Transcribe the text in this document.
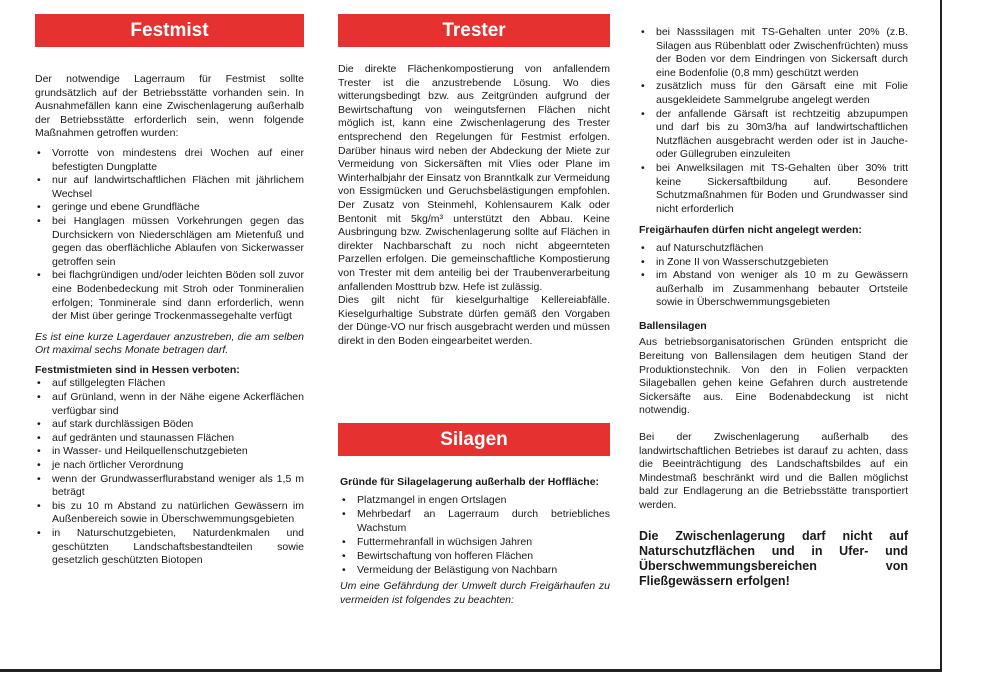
Festmist

Der notwendige Lagerraum für Festmist sollte grundsätzlich auf der Betriebsstätte vorhanden sein. In Ausnahmefällen kann eine Zwischenlagerung außerhalb der Betriebsstätte erforderlich sein, wenn folgende Maßnahmen getroffen wurden:

• Vorrotte von mindestens drei Wochen auf einer befestigten Dungplatte
• nur auf landwirtschaftlichen Flächen mit jährlichem Wechsel
• geringe und ebene Grundfläche
• bei Hanglagen müssen Vorkehrungen gegen das Durchsickern von Niederschlägen am Mietenfuß und gegen das oberflächliche Ablaufen von Sickerwasser getroffen sein
• bei flachgründigen und/oder leichten Böden soll zuvor eine Bodenbedeckung mit Stroh oder Tonmineralien erfolgen; Tonminerale sind dann erforderlich, wenn der Mist über geringe Trockenmassegehalte verfügt

Es ist eine kurze Lagerdauer anzustreben, die am selben Ort maximal sechs Monate betragen darf.

Festmistmieten sind in Hessen verboten:

• auf stillgelegten Flächen
• auf Grünland, wenn in der Nähe eigene Ackerflächen verfügbar sind
• auf stark durchlässigen Böden
• auf gedränten und staunassen Flächen
• in Wasser- und Heilquellenschutzgebieten
• je nach örtlicher Verordnung
• wenn der Grundwasserflurabstand weniger als 1,5 m beträgt
• bis zu 10 m Abstand zu natürlichen Gewässern im Außenbereich sowie in Überschwemmungsgebieten
• in Naturschutzgebieten, Naturdenkmalen und geschützten Landschaftsbestandteilen sowie gesetzlich geschützten Biotopen
Trester

Die direkte Flächenkompostierung von anfallendem Trester ist die anzustrebende Lösung. Wo dies witterungsbedingt bzw. aus Zeitgründen aufgrund der Bewirtschaftung von weingutsfernen Flächen nicht möglich ist, kann eine Zwischenlagerung des Trester entsprechend den Regelungen für Festmist erfolgen. Darüber hinaus wird neben der Abdeckung der Miete zur Vermeidung von Sickersäften mit Vlies oder Plane im Winterhalbjahr der Einsatz von Branntkalk zur Vermeidung von Essigmücken und Geruchsbelästigungen empfohlen. Der Zusatz von Steinmehl, Kohlensaurem Kalk oder Bentonit mit 5kg/m³ unterstützt den Abbau. Keine Ausbringung bzw. Zwischenlagerung sollte auf Flächen in direkter Nachbarschaft zu noch nicht abgeernteten Parzellen erfolgen. Die gemeinschaftliche Kompostierung von Trester mit dem anteilig bei der Traubenverarbeitung anfallenden Mosttrub bzw. Hefe ist zulässig.

Dies gilt nicht für kieselgurhaltige Kellereiabfälle. Kieselgurhaltige Substrate dürfen gemäß den Vorgaben der Dünge-VO nur frisch ausgebracht werden und müssen direkt in den Boden eingearbeitet werden.

Silagen

Gründe für Silagelagerung außerhalb der Hoffläche:

• Platzmangel in engen Ortslagen
• Mehrbedarf an Lagerraum durch betriebliches Wachstum
• Futtermehranfall in wüchsigen Jahren
• Bewirtschaftung von hofferen Flächen
• Vermeidung der Belästigung von Nachbarn

Um eine Gefährdung der Umwelt durch Freigärhaufen zu vermeiden ist folgendes zu beachten:

• bei Nasssilagen mit TS-Gehalten unter 20% (z.B. Silagen aus Rübenblatt oder Zwischenfrüchten) muss der Boden vor dem Eindringen von Sickersaft durch eine Bodenfolie (0,8 mm) geschützt werden
• zusätzlich muss für den Gärsaft eine mit Folie ausgekleidete Sammelgrube angelegt werden
• der anfallende Gärsaft ist rechtzeitig abzupumpen und darf bis zu 30m3/ha auf landwirtschaftlichen Nutzflächen ausgebracht werden oder ist in Jauche- oder Güllegruben einzuleiten
• bei Anwelksilagen mit TS-Gehalten über 30% tritt keine Sickersaftbildung auf. Besondere Schutzmaßnahmen für Boden und Grundwasser sind nicht erforderlich

Freigärhaufen dürfen nicht angelegt werden:

• auf Naturschutzflächen
• in Zone II von Wasserschutzgebieten
• im Abstand von weniger als 10 m zu Gewässern außerhalb im Zusammenhang bebauter Ortsteile sowie in Überschwemmungsgebieten

Ballensilagen

Aus betriebsorganisatorischen Gründen entspricht die Bereitung von Ballensilagen dem heutigen Stand der Produktionstechnik. Von den in Folien verpackten Silageballen gehen keine Gefahren durch austretende Sickersäfte aus. Eine Bodenabdeckung ist nicht notwendig.

Bei der Zwischenlagerung außerhalb des landwirtschaftlichen Betriebes ist darauf zu achten, dass die Beeinträchtigung des Landschaftsbildes auf ein Mindestmaß beschränkt wird und die Ballen möglichst bald zur Endlagerung an die Betriebsstätte transportiert werden.

Die Zwischenlagerung darf nicht auf Naturschutzflächen und in Ufer- und Überschwemmungsbereichen von Fließgewässern erfolgen!
